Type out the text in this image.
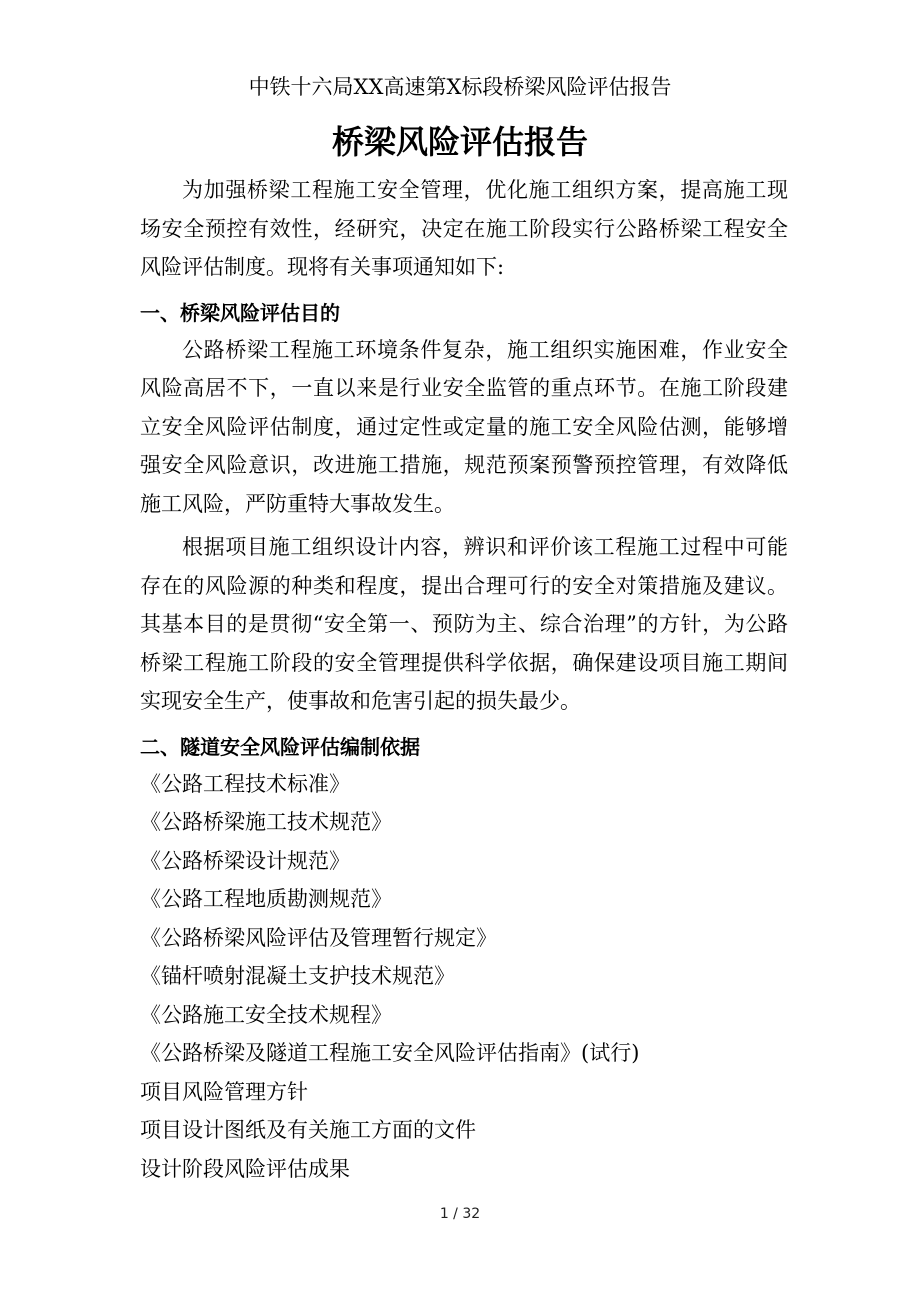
中铁十六局XX高速第X标段桥梁风险评估报告
桥梁风险评估报告

为加强桥梁工程施工安全管理，优化施工组织方案，提高施工现场安全预控有效性，经研究，决定在施工阶段实行公路桥梁工程安全风险评估制度。现将有关事项通知如下:

一、桥梁风险评估目的

公路桥梁工程施工环境条件复杂，施工组织实施困难，作业安全风险高居不下，一直以来是行业安全监管的重点环节。在施工阶段建立安全风险评估制度，通过定性或定量的施工安全风险估测，能够增强安全风险意识，改进施工措施，规范预案预警预控管理，有效降低施工风险，严防重特大事故发生。

根据项目施工组织设计内容，辨识和评价该工程施工过程中可能存在的风险源的种类和程度，提出合理可行的安全对策措施及建议。其基本目的是贯彻“安全第一、预防为主、综合治理”的方针，为公路桥梁工程施工阶段的安全管理提供科学依据，确保建设项目施工期间实现安全生产，使事故和危害引起的损失最少。

二、隧道安全风险评估编制依据
《公路工程技术标准》
《公路桥梁施工技术规范》
《公路桥梁设计规范》
《公路工程地质勘测规范》
《公路桥梁风险评估及管理暂行规定》
《锚杆喷射混凝土支护技术规范》
《公路施工安全技术规程》
《公路桥梁及隧道工程施工安全风险评估指南》(试行)
项目风险管理方针
项目设计图纸及有关施工方面的文件
设计阶段风险评估成果
1 / 32
